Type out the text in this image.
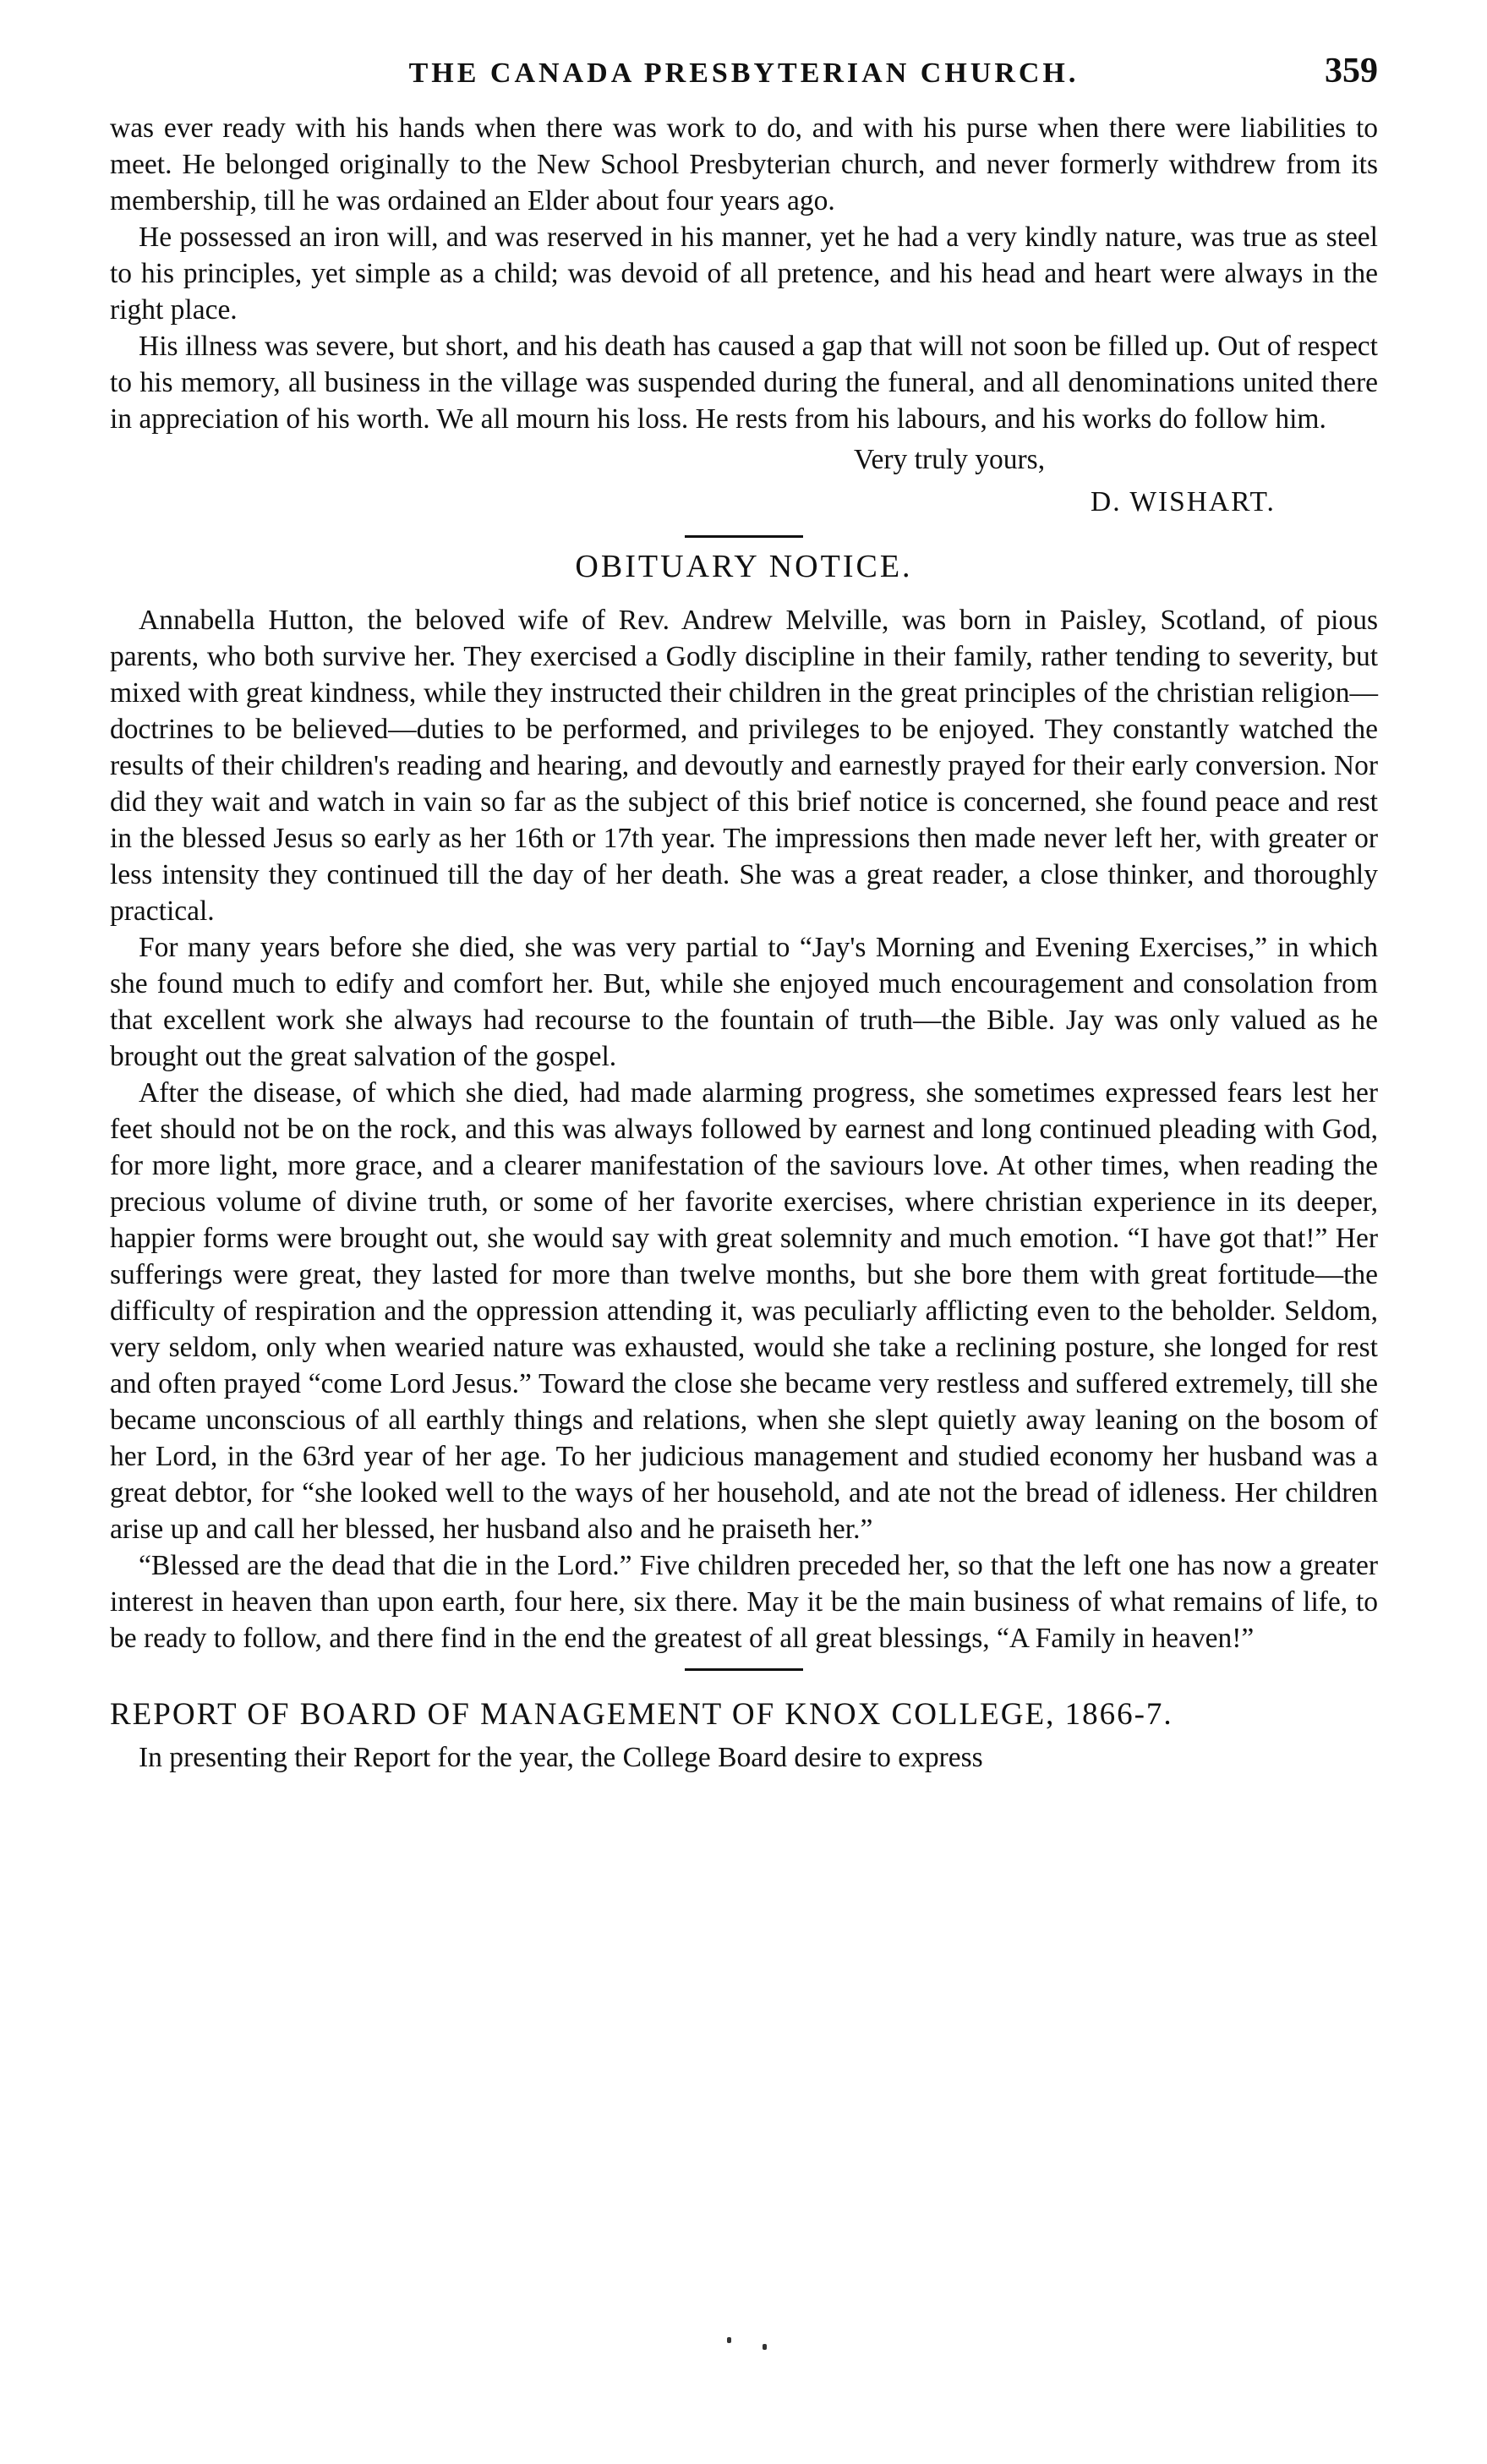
THE CANADA PRESBYTERIAN CHURCH.	359

was ever ready with his hands when there was work to do, and with his purse when there were liabilities to meet. He belonged originally to the New School Presbyterian church, and never formerly withdrew from its membership, till he was ordained an Elder about four years ago.

He possessed an iron will, and was reserved in his manner, yet he had a very kindly nature, was true as steel to his principles, yet simple as a child; was devoid of all pretence, and his head and heart were always in the right place.

His illness was severe, but short, and his death has caused a gap that will not soon be filled up. Out of respect to his memory, all business in the village was suspended during the funeral, and all denominations united there in appreciation of his worth. We all mourn his loss. He rests from his labours, and his works do follow him.

Very truly yours,
D. WISHART.
OBITUARY NOTICE.

Annabella Hutton, the beloved wife of Rev. Andrew Melville, was born in Paisley, Scotland, of pious parents, who both survive her. They exercised a Godly discipline in their family, rather tending to severity, but mixed with great kindness, while they instructed their children in the great principles of the christian religion—doctrines to be believed—duties to be performed, and privileges to be enjoyed. They constantly watched the results of their children's reading and hearing, and devoutly and earnestly prayed for their early conversion. Nor did they wait and watch in vain so far as the subject of this brief notice is concerned, she found peace and rest in the blessed Jesus so early as her 16th or 17th year. The impressions then made never left her, with greater or less intensity they continued till the day of her death. She was a great reader, a close thinker, and thoroughly practical.

For many years before she died, she was very partial to “Jay's Morning and Evening Exercises,” in which she found much to edify and comfort her. But, while she enjoyed much encouragement and consolation from that excellent work she always had recourse to the fountain of truth—the Bible. Jay was only valued as he brought out the great salvation of the gospel.

After the disease, of which she died, had made alarming progress, she sometimes expressed fears lest her feet should not be on the rock, and this was always followed by earnest and long continued pleading with God, for more light, more grace, and a clearer manifestation of the saviours love. At other times, when reading the precious volume of divine truth, or some of her favorite exercises, where christian experience in its deeper, happier forms were brought out, she would say with great solemnity and much emotion. “I have got that!” Her sufferings were great, they lasted for more than twelve months, but she bore them with great fortitude—the difficulty of respiration and the oppression attending it, was peculiarly afflicting even to the beholder. Seldom, very seldom, only when wearied nature was exhausted, would she take a reclining posture, she longed for rest and often prayed “come Lord Jesus.” Toward the close she became very restless and suffered extremely, till she became unconscious of all earthly things and relations, when she slept quietly away leaning on the bosom of her Lord, in the 63rd year of her age. To her judicious management and studied economy her husband was a great debtor, for “she looked well to the ways of her household, and ate not the bread of idleness. Her children arise up and call her blessed, her husband also and he praiseth her.”

“Blessed are the dead that die in the Lord.” Five children preceded her, so that the left one has now a greater interest in heaven than upon earth, four here, six there. May it be the main business of what remains of life, to be ready to follow, and there find in the end the greatest of all great blessings, “A Family in heaven!”

REPORT OF BOARD OF MANAGEMENT OF KNOX COLLEGE, 1866-7.

In presenting their Report for the year, the College Board desire to express
